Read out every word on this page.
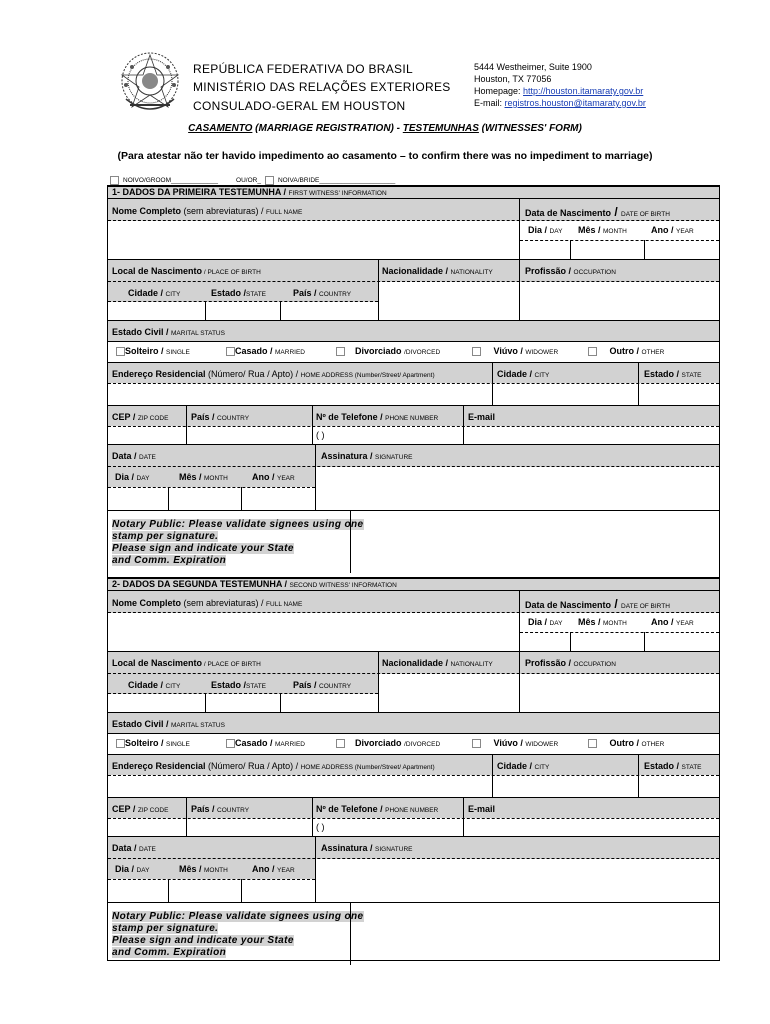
REPÚBLICA FEDERATIVA DO BRASIL
MINISTÉRIO DAS RELAÇÕES EXTERIORES
CONSULADO-GERAL EM HOUSTON
5444 Westheimer, Suite 1900
Houston, TX 77056
Homepage: http://houston.itamaraty.gov.br
E-mail: registros.houston@itamaraty.gov.br
CASAMENTO (MARRIAGE REGISTRATION) - TESTEMUNHAS (WITNESSES' FORM)
(Para atestar não ter havido impedimento ao casamento – to confirm there was no impediment to marriage)
NOIVO/GROOM_____________	OU/OR_	NOIVA/BRIDE_____________________
1- DADOS DA PRIMEIRA TESTEMUNHA / FIRST WITNESS' INFORMATION
Nome Completo (sem abreviaturas) / FULL NAME	Data de Nascimento / DATE OF BIRTH
Dia / DAY Mês / MONTH	Ano / YEAR
Local de Nascimento / PLACE OF BIRTH	Nacionalidade / NATIONALITY	Profissão / OCCUPATION
Cidade / CITY	Estado /STATE	País / COUNTRY
Estado Civil / MARITAL STATUS
Solteiro / SINGLE	Casado / MARRIED	Divorciado /DIVORCED	Viúvo / WIDOWER	Outro / OTHER
Endereço Residencial (Número/ Rua / Apto) / HOME ADDRESS (Number/Street/ Apartment)	Cidade / CITY	Estado / STATE
CEP / ZIP CODE	País / COUNTRY	Nº de Telefone / PHONE NUMBER	E-mail
( )
Data / DATE	Assinatura / SIGNATURE
Dia / DAY	Mês / MONTH	Ano / YEAR
Notary Public: Please validate signees using one
stamp per signature.
Please sign and indicate your State
and Comm. Expiration
2- DADOS DA SEGUNDA TESTEMUNHA / SECOND WITNESS' INFORMATION
Nome Completo (sem abreviaturas) / FULL NAME	Data de Nascimento / DATE OF BIRTH
Dia / DAY Mês / MONTH	Ano / YEAR
Local de Nascimento / PLACE OF BIRTH	Nacionalidade / NATIONALITY	Profissão / OCCUPATION
Cidade / CITY	Estado /STATE	País / COUNTRY
Estado Civil / MARITAL STATUS
Solteiro / SINGLE	Casado / MARRIED	Divorciado /DIVORCED	Viúvo / WIDOWER	Outro / OTHER
Endereço Residencial (Número/ Rua / Apto) / HOME ADDRESS (Number/Street/ Apartment)	Cidade / CITY	Estado / STATE
CEP / ZIP CODE	País / COUNTRY	Nº de Telefone / PHONE NUMBER	E-mail
( )
Data / DATE	Assinatura / SIGNATURE
Dia / DAY	Mês / MONTH	Ano / YEAR
Notary Public: Please validate signees using one
stamp per signature.
Please sign and indicate your State
and Comm. Expiration
